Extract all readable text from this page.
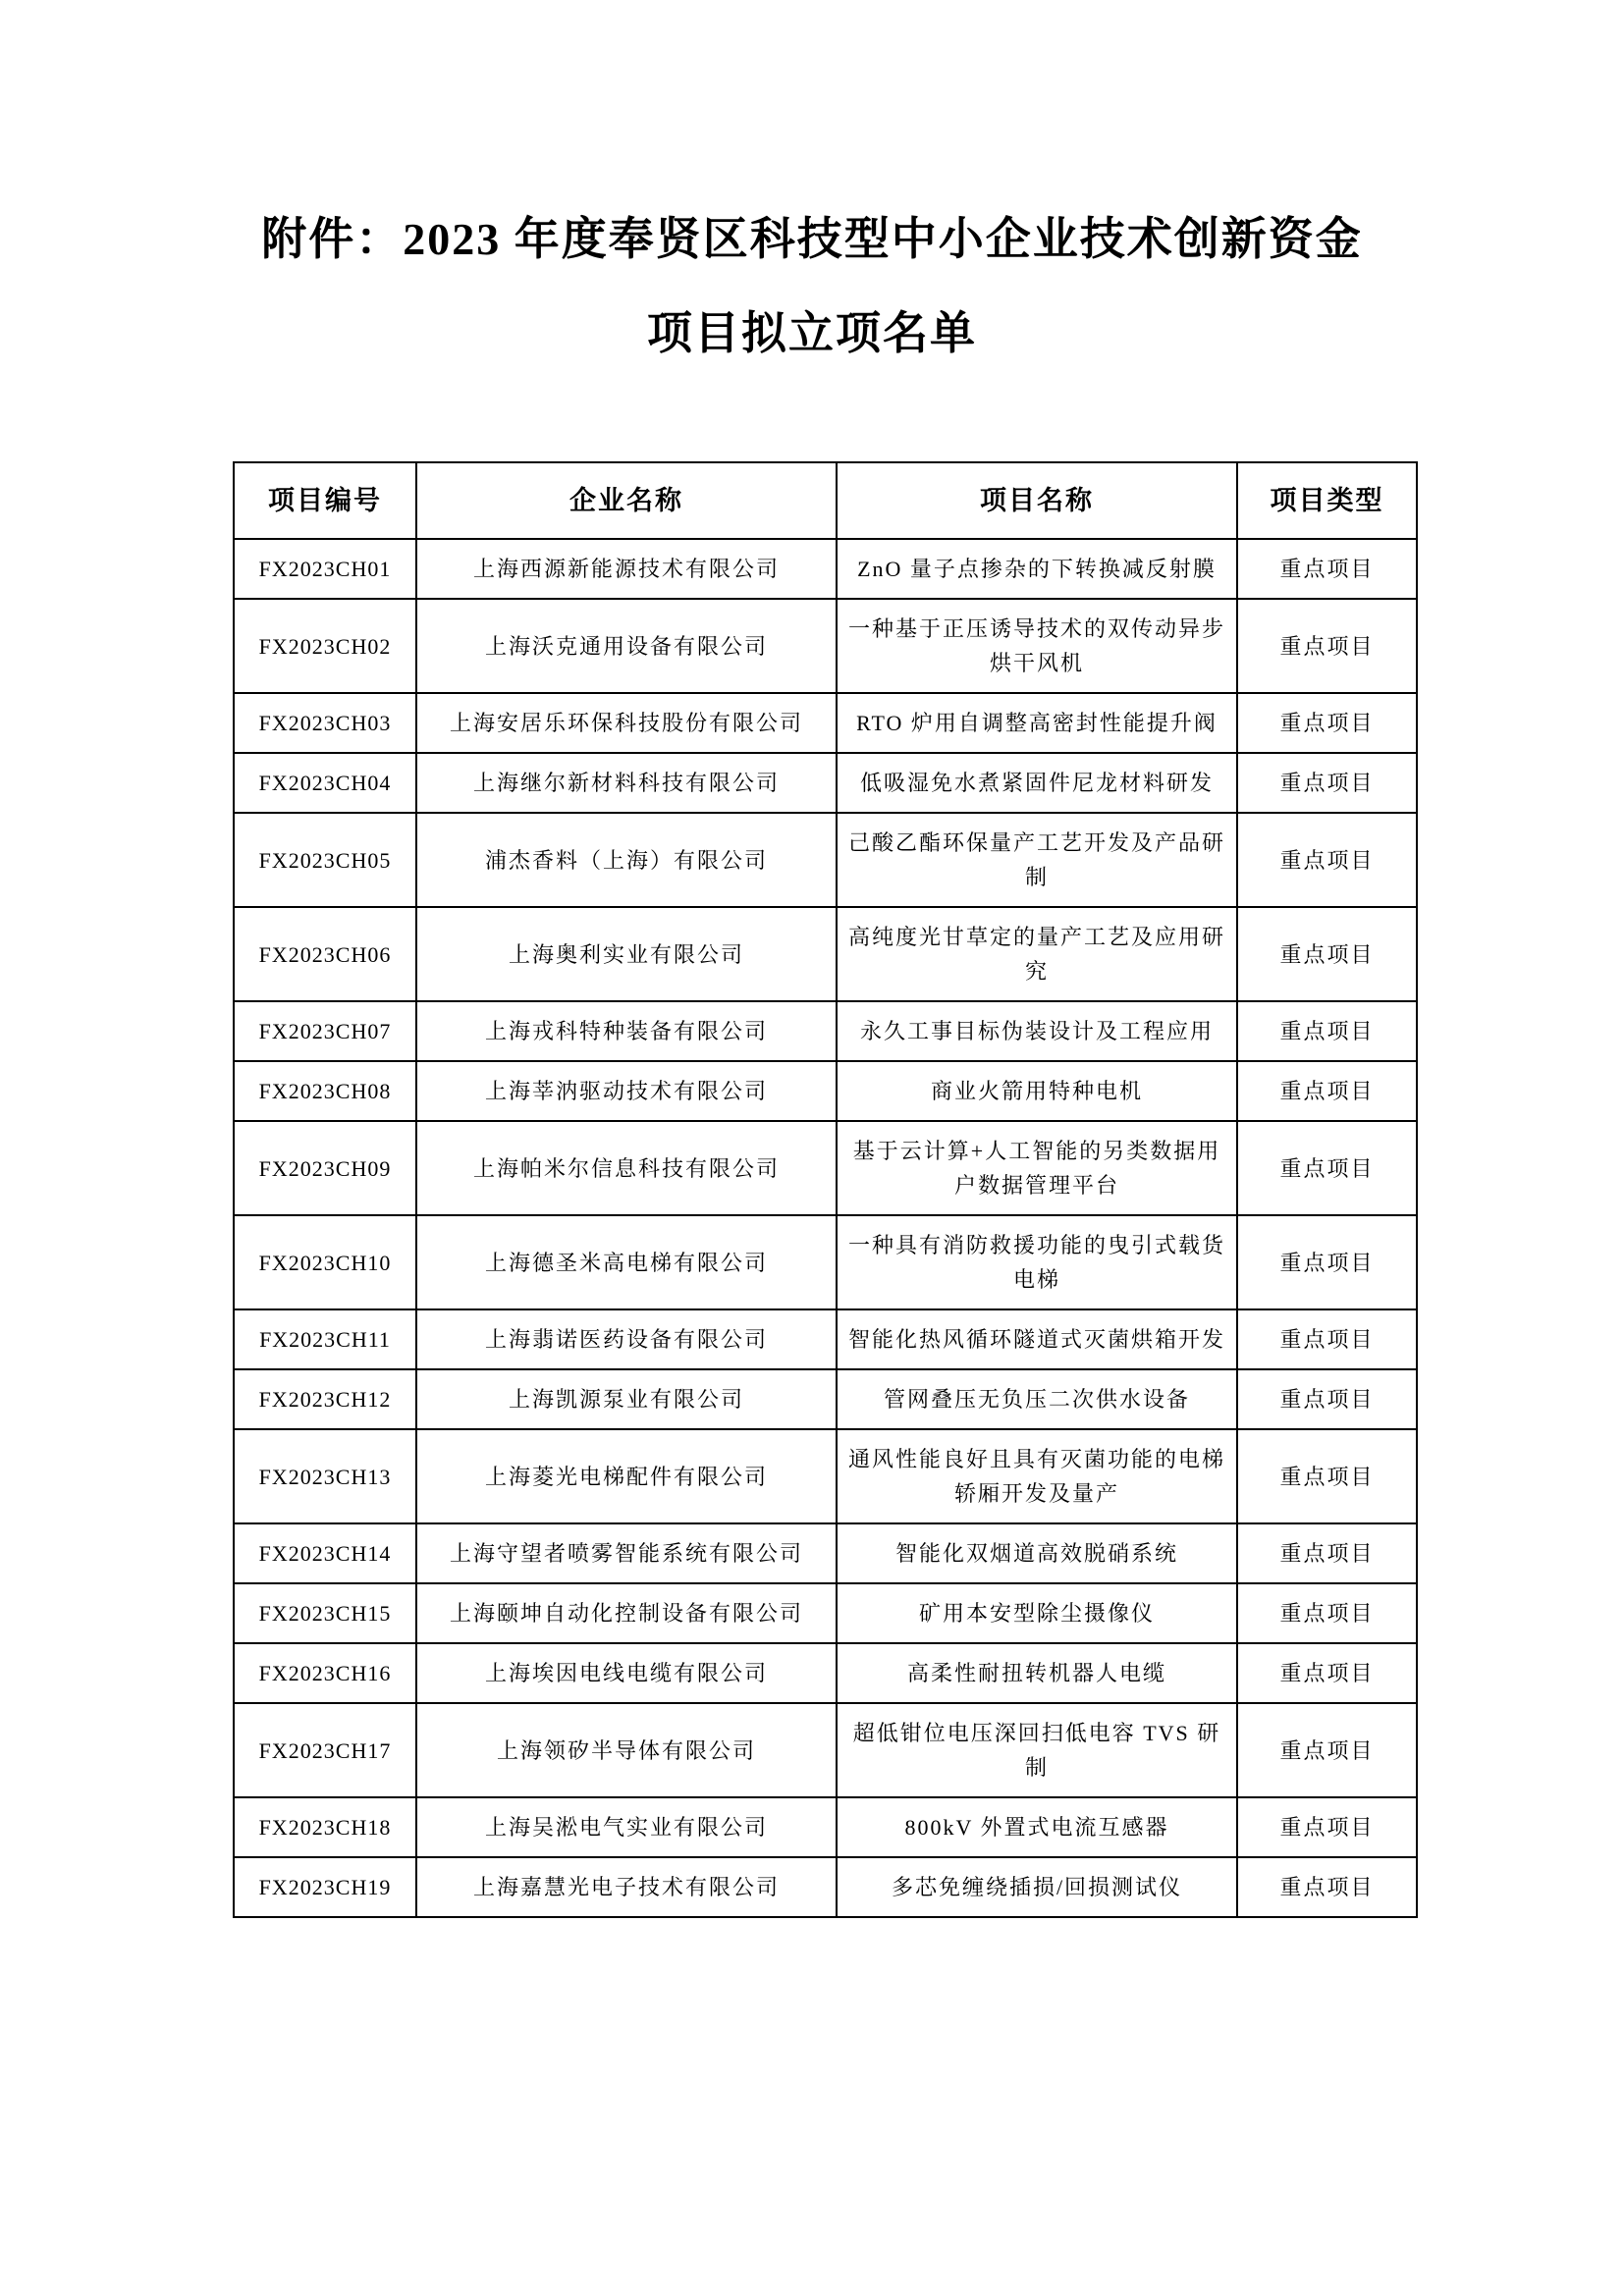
附件：2023 年度奉贤区科技型中小企业技术创新资金
项目拟立项名单
项目编号	企业名称	项目名称	项目类型
FX2023CH01	上海西源新能源技术有限公司	ZnO 量子点掺杂的下转换减反射膜	重点项目
FX2023CH02	上海沃克通用设备有限公司	一种基于正压诱导技术的双传动异步烘干风机	重点项目
FX2023CH03	上海安居乐环保科技股份有限公司	RTO 炉用自调整高密封性能提升阀	重点项目
FX2023CH04	上海继尔新材料科技有限公司	低吸湿免水煮紧固件尼龙材料研发	重点项目
FX2023CH05	浦杰香料（上海）有限公司	己酸乙酯环保量产工艺开发及产品研制	重点项目
FX2023CH06	上海奥利实业有限公司	高纯度光甘草定的量产工艺及应用研究	重点项目
FX2023CH07	上海戎科特种装备有限公司	永久工事目标伪装设计及工程应用	重点项目
FX2023CH08	上海莘汭驱动技术有限公司	商业火箭用特种电机	重点项目
FX2023CH09	上海帕米尔信息科技有限公司	基于云计算+人工智能的另类数据用户数据管理平台	重点项目
FX2023CH10	上海德圣米高电梯有限公司	一种具有消防救援功能的曳引式载货电梯	重点项目
FX2023CH11	上海翡诺医药设备有限公司	智能化热风循环隧道式灭菌烘箱开发	重点项目
FX2023CH12	上海凯源泵业有限公司	管网叠压无负压二次供水设备	重点项目
FX2023CH13	上海菱光电梯配件有限公司	通风性能良好且具有灭菌功能的电梯轿厢开发及量产	重点项目
FX2023CH14	上海守望者喷雾智能系统有限公司	智能化双烟道高效脱硝系统	重点项目
FX2023CH15	上海颐坤自动化控制设备有限公司	矿用本安型除尘摄像仪	重点项目
FX2023CH16	上海埃因电线电缆有限公司	高柔性耐扭转机器人电缆	重点项目
FX2023CH17	上海领矽半导体有限公司	超低钳位电压深回扫低电容 TVS 研制	重点项目
FX2023CH18	上海吴淞电气实业有限公司	800kV 外置式电流互感器	重点项目
FX2023CH19	上海嘉慧光电子技术有限公司	多芯免缠绕插损/回损测试仪	重点项目
